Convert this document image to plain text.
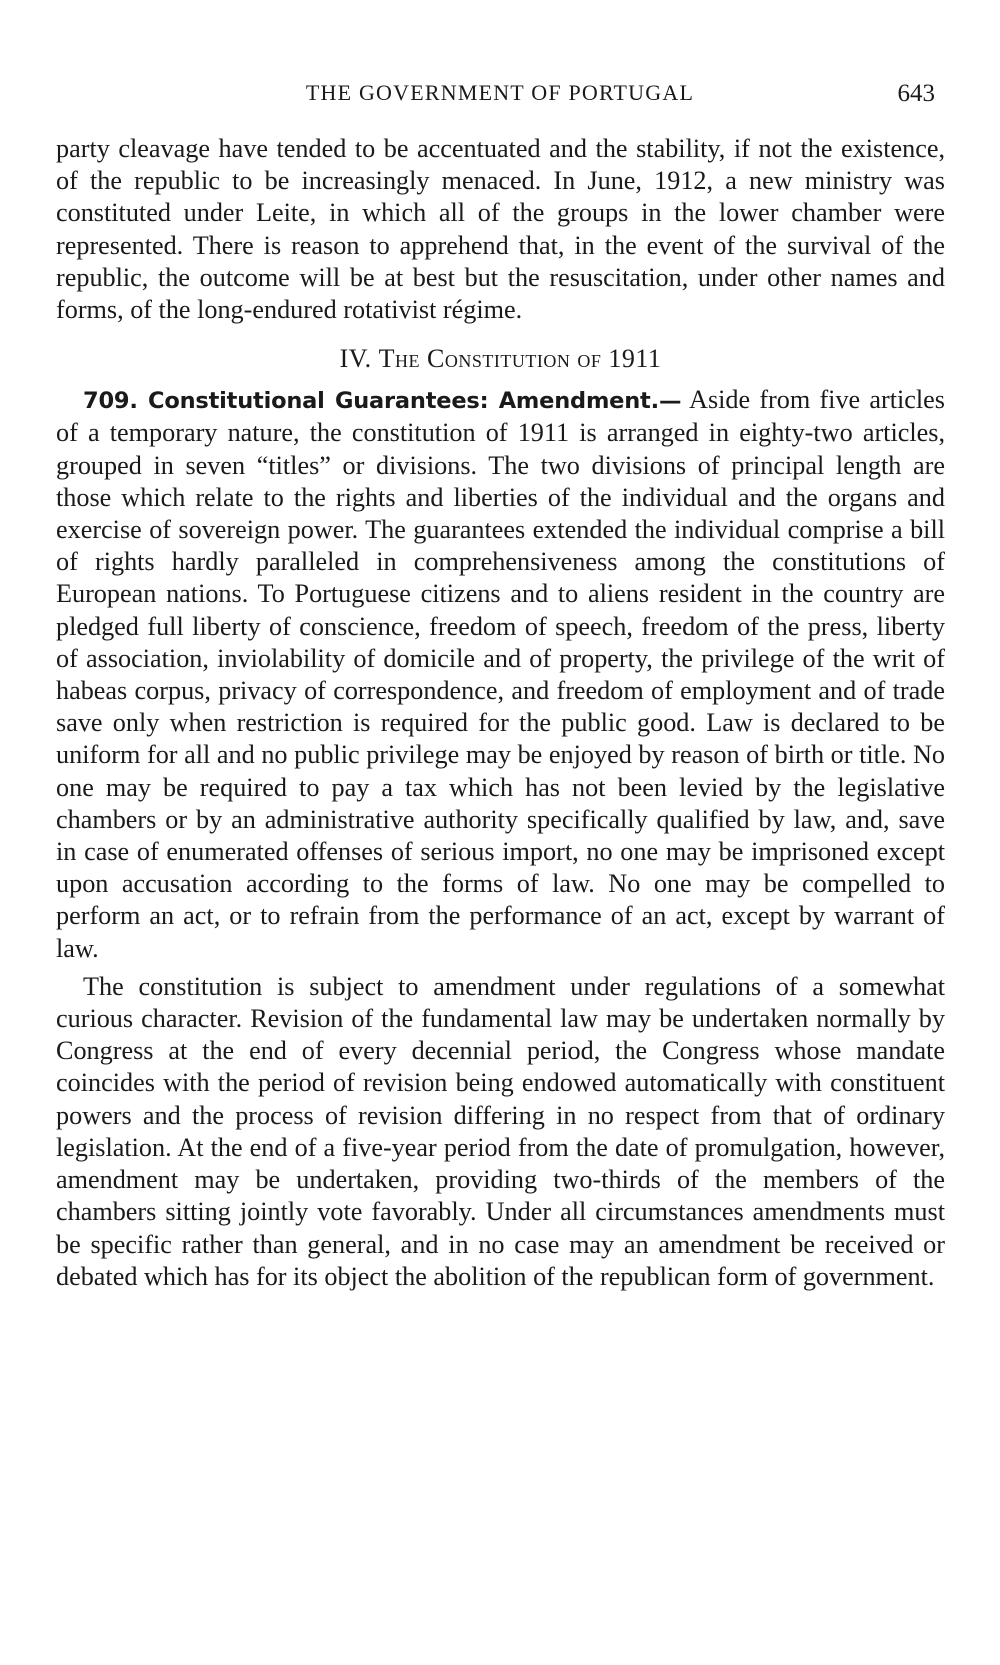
THE GOVERNMENT OF PORTUGAL	643

party cleavage have tended to be accentuated and the stability, if not the existence, of the republic to be increasingly menaced. In June, 1912, a new ministry was constituted under Leite, in which all of the groups in the lower chamber were represented. There is reason to apprehend that, in the event of the survival of the republic, the outcome will be at best but the resuscitation, under other names and forms, of the long-endured rotativist régime.

IV. The Constitution of 1911

709. Constitutional Guarantees: Amendment.— Aside from five articles of a temporary nature, the constitution of 1911 is arranged in eighty-two articles, grouped in seven “titles” or divisions. The two divisions of principal length are those which relate to the rights and liberties of the individual and the organs and exercise of sovereign power. The guarantees extended the individual comprise a bill of rights hardly paralleled in comprehensiveness among the constitutions of European nations. To Portuguese citizens and to aliens resident in the country are pledged full liberty of conscience, freedom of speech, freedom of the press, liberty of association, inviolability of domicile and of property, the privilege of the writ of habeas corpus, privacy of correspondence, and freedom of employment and of trade save only when restriction is required for the public good. Law is declared to be uniform for all and no public privilege may be enjoyed by reason of birth or title. No one may be required to pay a tax which has not been levied by the legislative chambers or by an administrative authority specifically qualified by law, and, save in case of enumerated offenses of serious import, no one may be imprisoned except upon accusation according to the forms of law. No one may be compelled to perform an act, or to refrain from the performance of an act, except by warrant of law.

The constitution is subject to amendment under regulations of a somewhat curious character. Revision of the fundamental law may be undertaken normally by Congress at the end of every decennial period, the Congress whose mandate coincides with the period of revision being endowed automatically with constituent powers and the process of revision differing in no respect from that of ordinary legislation. At the end of a five-year period from the date of promulgation, however, amendment may be undertaken, providing two-thirds of the members of the chambers sitting jointly vote favorably. Under all circumstances amendments must be specific rather than general, and in no case may an amendment be received or debated which has for its object the abolition of the republican form of government.
